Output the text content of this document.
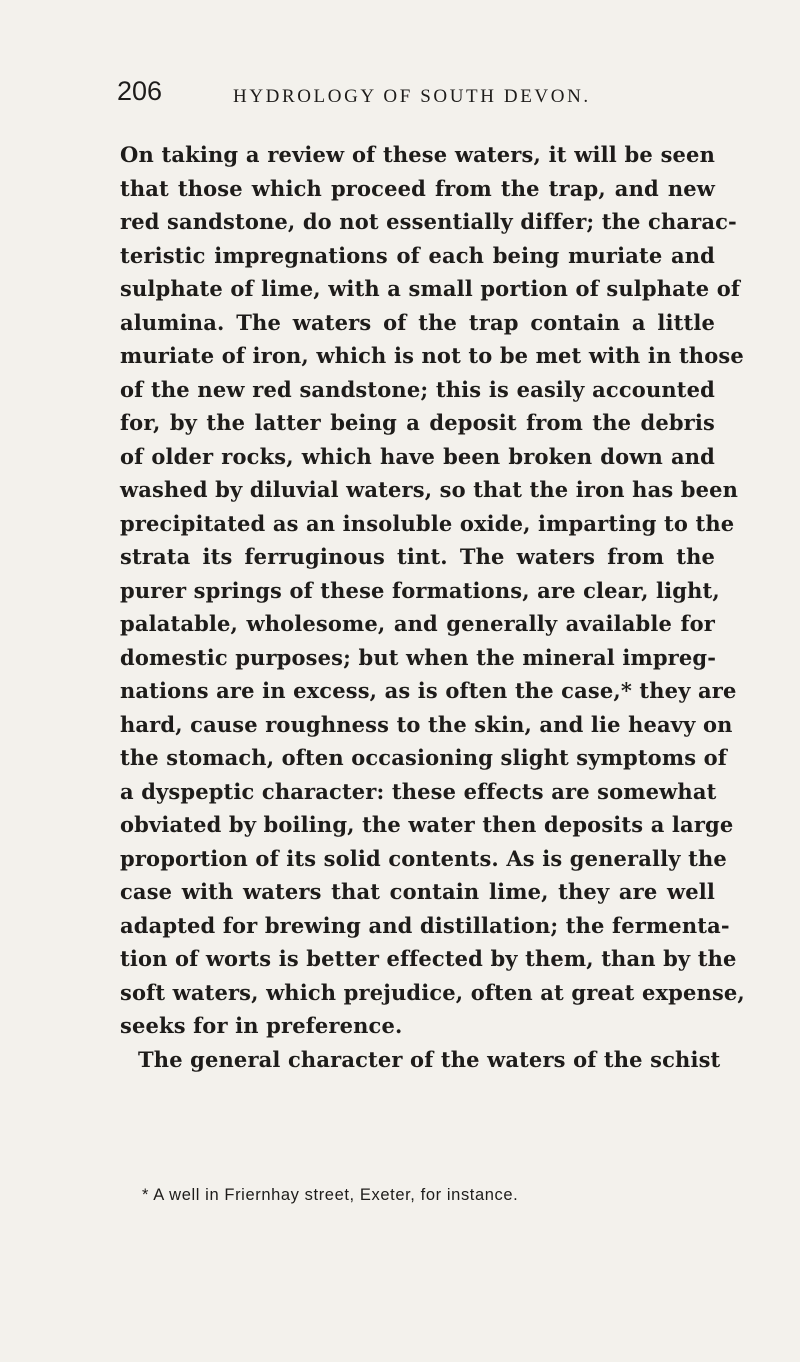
206	HYDROLOGY OF SOUTH DEVON.
On taking a review of these waters, it will be seen
that those which proceed from the trap, and new
red sandstone, do not essentially differ; the charac-
teristic impregnations of each being muriate and
sulphate of lime, with a small portion of sulphate of
alumina. The waters of the trap contain a little
muriate of iron, which is not to be met with in those
of the new red sandstone; this is easily accounted
for, by the latter being a deposit from the debris
of older rocks, which have been broken down and
washed by diluvial waters, so that the iron has been
precipitated as an insoluble oxide, imparting to the
strata its ferruginous tint. The waters from the
purer springs of these formations, are clear, light,
palatable, wholesome, and generally available for
domestic purposes; but when the mineral impreg-
nations are in excess, as is often the case,* they are
hard, cause roughness to the skin, and lie heavy on
the stomach, often occasioning slight symptoms of
a dyspeptic character: these effects are somewhat
obviated by boiling, the water then deposits a large
proportion of its solid contents. As is generally the
case with waters that contain lime, they are well
adapted for brewing and distillation; the fermenta-
tion of worts is better effected by them, than by the
soft waters, which prejudice, often at great expense,
seeks for in preference.
The general character of the waters of the schist
* A well in Friernhay street, Exeter, for instance.
